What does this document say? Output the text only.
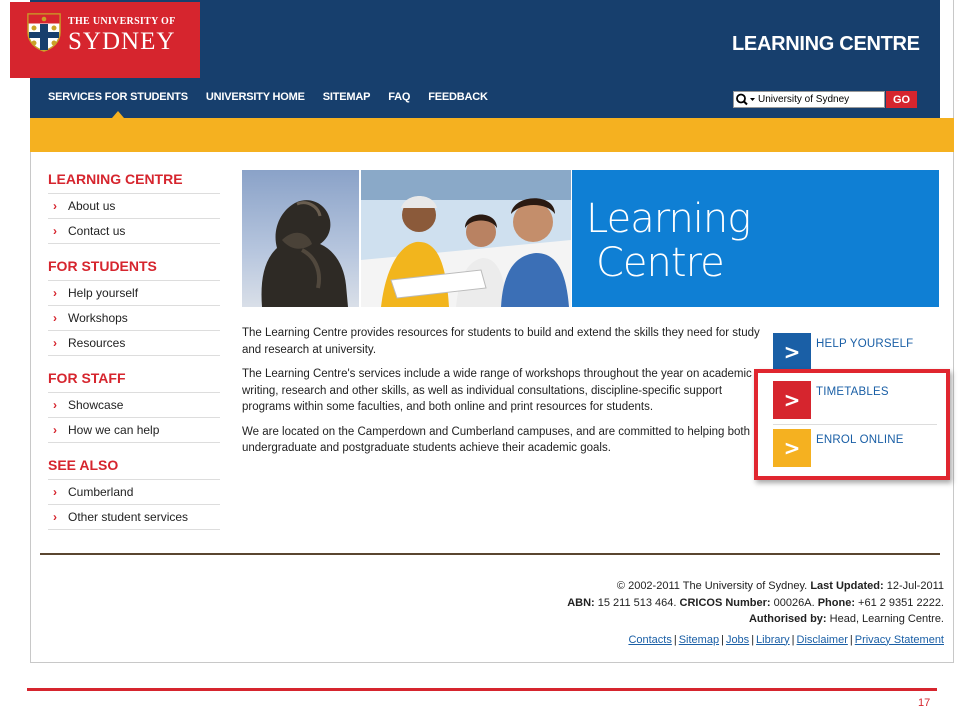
THE UNIVERSITY OF
SYDNEY	LEARNING CENTRE
SERVICES FOR STUDENTS UNIVERSITY HOME SITEMAP FAQ FEEDBACK
University of Sydney	GO
LEARNING CENTRE
› About us
› Contact us
FOR STUDENTS
› Help yourself
› Workshops
› Resources
FOR STAFF
› Showcase
› How we can help
SEE ALSO
› Cumberland
› Other student services
Learning
Centre

The Learning Centre provides resources for students to build and extend the skills they need for study and research at university.

The Learning Centre's services include a wide range of workshops throughout the year on academic writing, research and other skills, as well as individual consultations, discipline-specific support programs within some faculties, and both online and print resources for students.

We are located on the Camperdown and Cumberland campuses, and are committed to helping both undergraduate and postgraduate students achieve their academic goals.

>	HELP YOURSELF
>	TIMETABLES
>	ENROL ONLINE
© 2002-2011 The University of Sydney. Last Updated: 12-Jul-2011
ABN: 15 211 513 464. CRICOS Number: 00026A. Phone: +61 2 9351 2222.
Authorised by: Head, Learning Centre.
Contacts | Sitemap | Jobs | Library | Disclaimer | Privacy Statement
17
